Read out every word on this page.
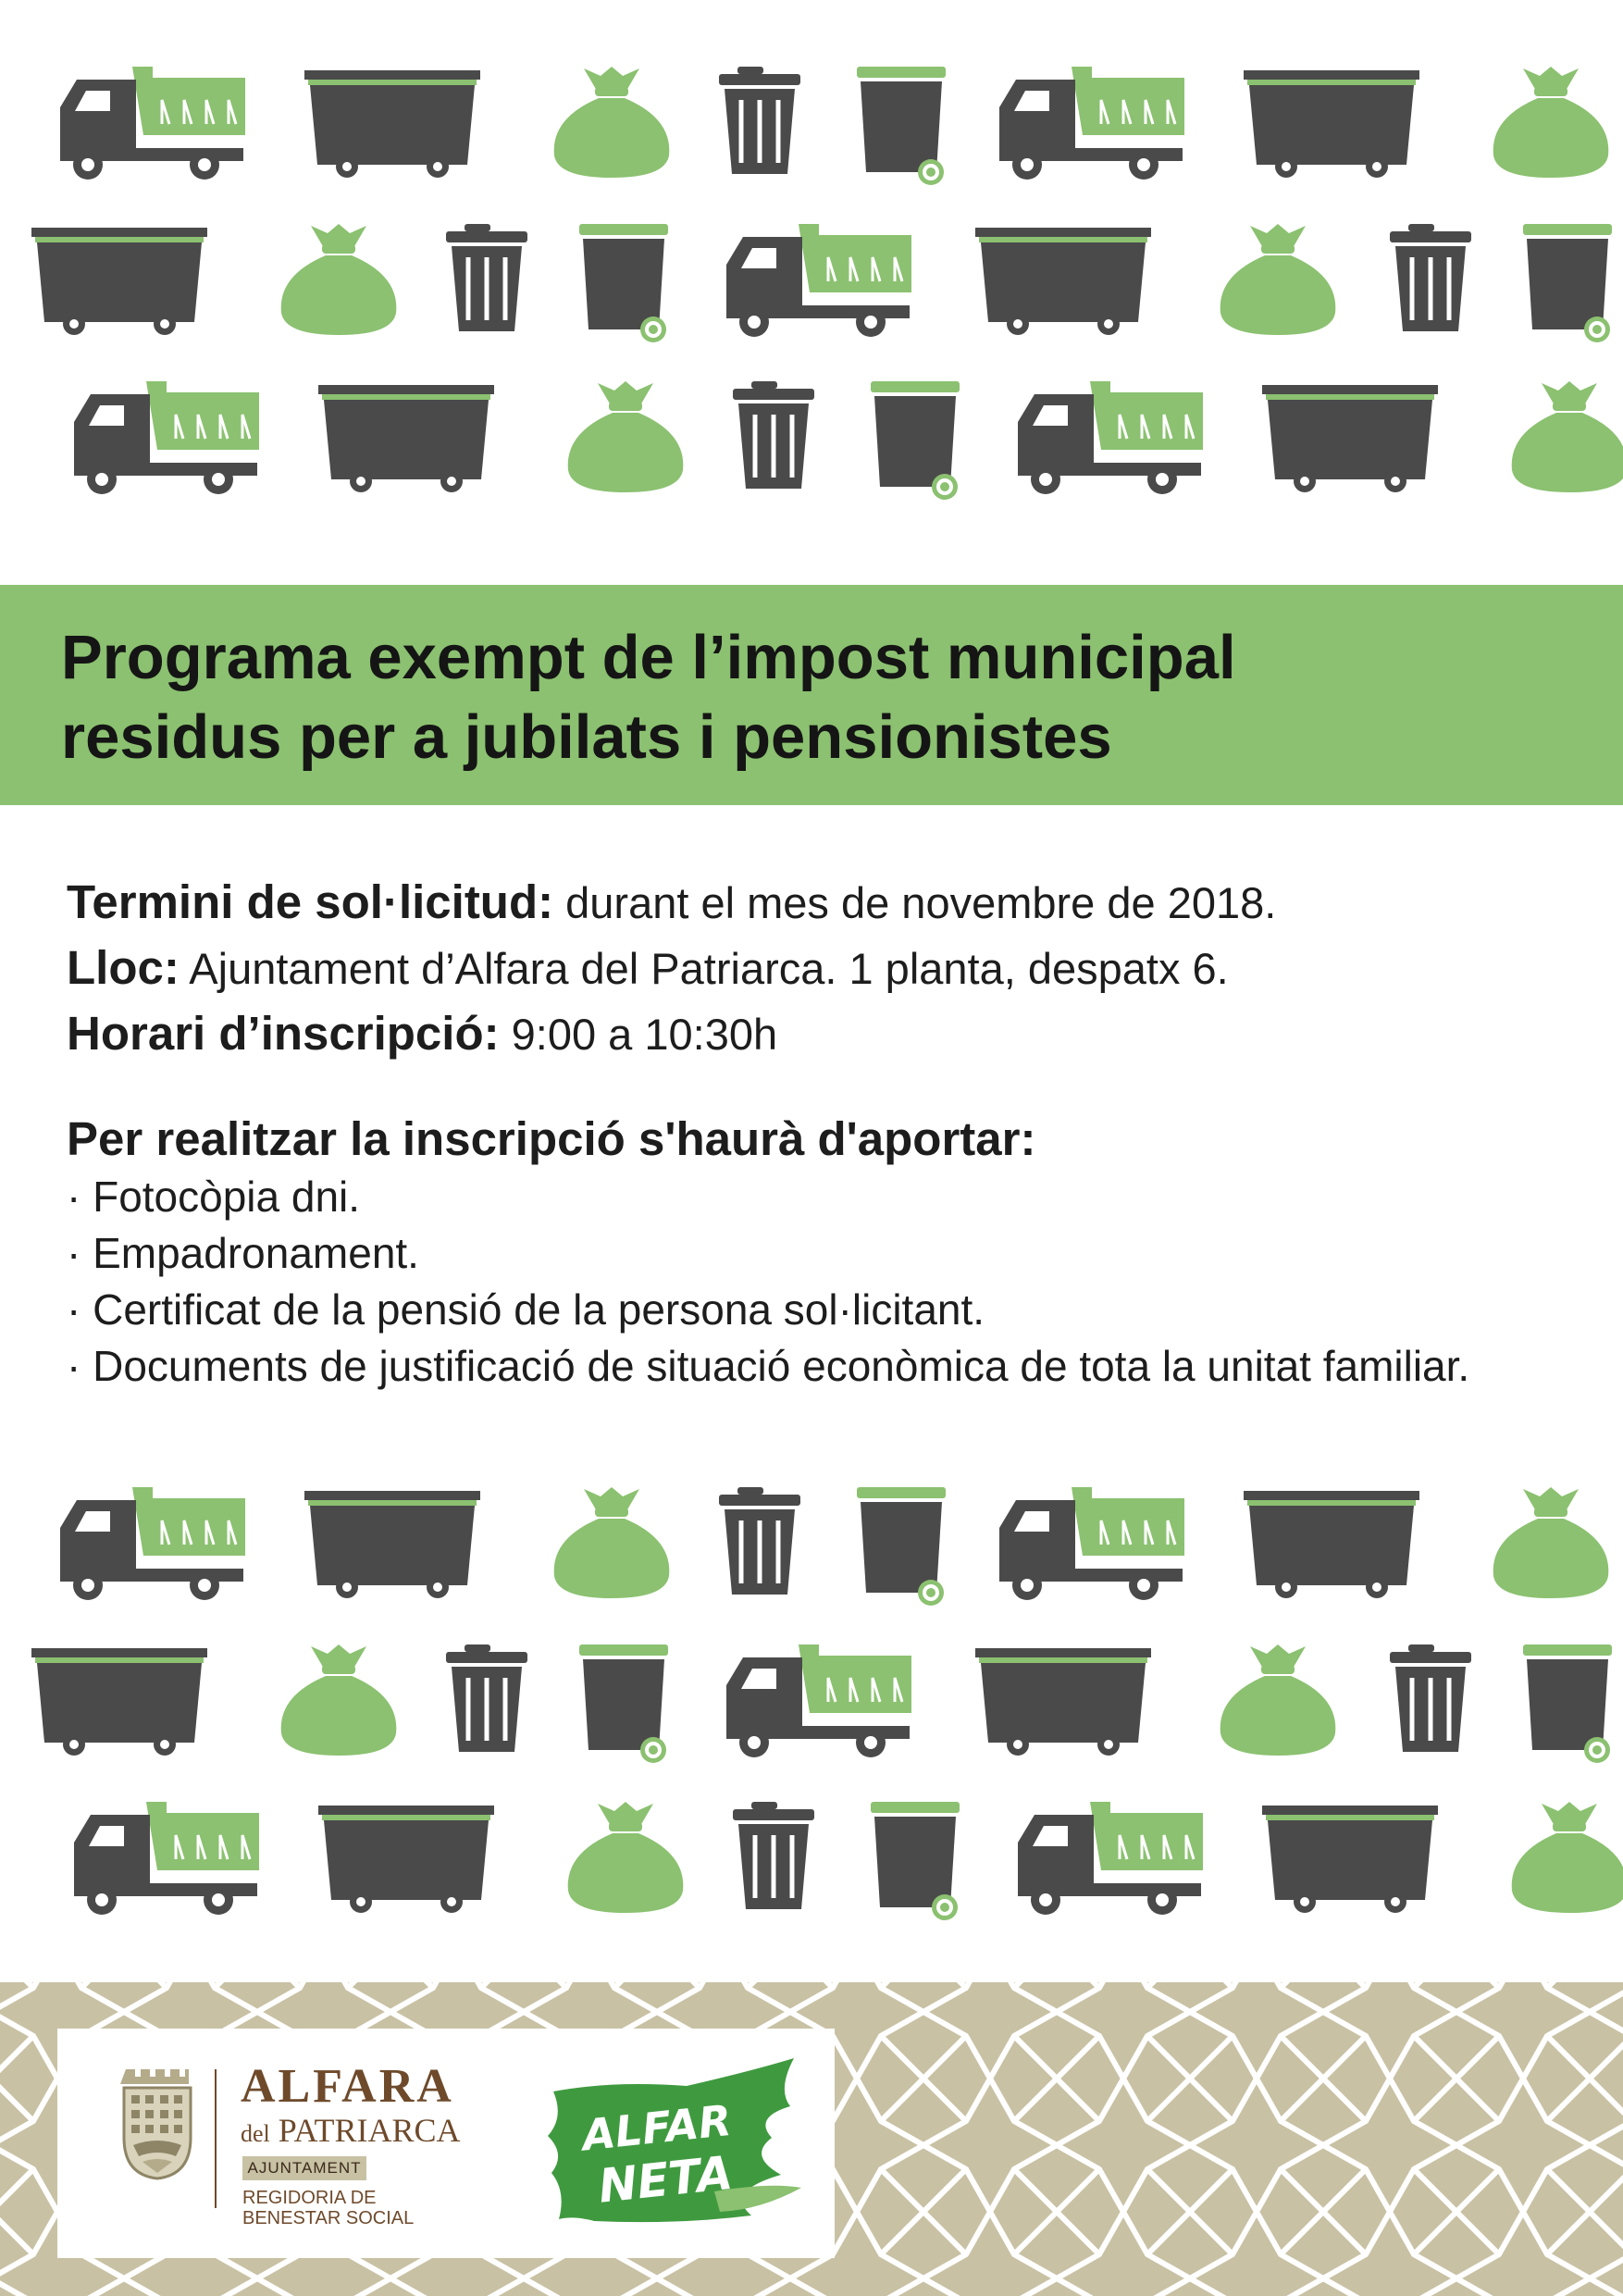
Programa exempt de l’impost municipal
residus per a jubilats i pensionistes
Termini de sol·licitud: durant el mes de novembre de 2018.
Lloc: Ajuntament d’Alfara del Patriarca. 1 planta, despatx 6.
Horari d’inscripció: 9:00 a 10:30h
Per realitzar la inscripció s'haurà d'aportar:
· Fotocòpia dni.
· Empadronament.
· Certificat de la pensió de la persona sol·licitant.
· Documents de justificació de situació econòmica de tota la unitat familiar.
ALFARA
del PATRIARCA
AJUNTAMENT
REGIDORIA DE BENESTAR SOCIAL
ALFAR
NETA
